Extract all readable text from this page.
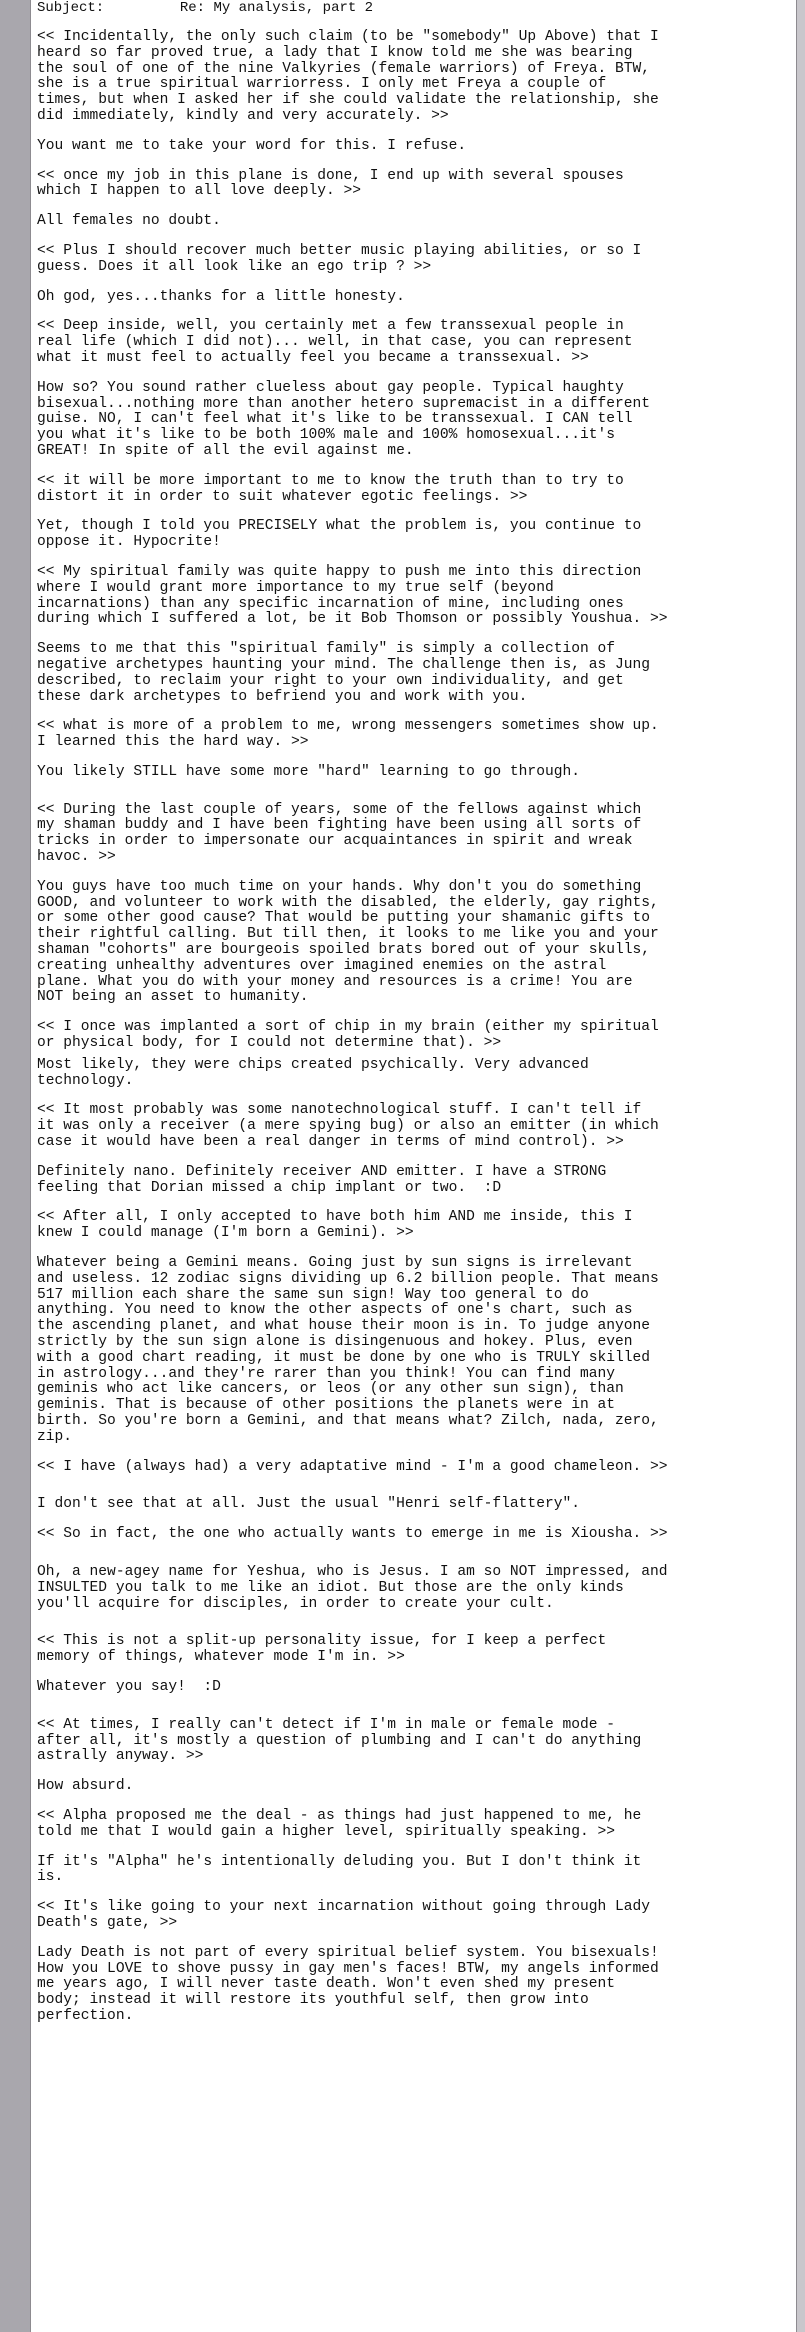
Subject:	Re: My analysis, part 2
<< Incidentally, the only such claim (to be "somebody" Up Above) that I
heard so far proved true, a lady that I know told me she was bearing
the soul of one of the nine Valkyries (female warriors) of Freya. BTW,
she is a true spiritual warriorress. I only met Freya a couple of
times, but when I asked her if she could validate the relationship, she
did immediately, kindly and very accurately. >>
You want me to take your word for this. I refuse.
<< once my job in this plane is done, I end up with several spouses
which I happen to all love deeply. >>
All females no doubt.
<< Plus I should recover much better music playing abilities, or so I
guess. Does it all look like an ego trip ? >>
Oh god, yes...thanks for a little honesty.
<< Deep inside, well, you certainly met a few transsexual people in
real life (which I did not)... well, in that case, you can represent
what it must feel to actually feel you became a transsexual. >>
How so? You sound rather clueless about gay people. Typical haughty
bisexual...nothing more than another hetero supremacist in a different
guise. NO, I can't feel what it's like to be transsexual. I CAN tell
you what it's like to be both 100% male and 100% homosexual...it's
GREAT! In spite of all the evil against me.
<< it will be more important to me to know the truth than to try to
distort it in order to suit whatever egotic feelings. >>
Yet, though I told you PRECISELY what the problem is, you continue to
oppose it. Hypocrite!
<< My spiritual family was quite happy to push me into this direction
where I would grant more importance to my true self (beyond
incarnations) than any specific incarnation of mine, including ones
during which I suffered a lot, be it Bob Thomson or possibly Youshua. >>
Seems to me that this "spiritual family" is simply a collection of
negative archetypes haunting your mind. The challenge then is, as Jung
described, to reclaim your right to your own individuality, and get
these dark archetypes to befriend you and work with you.
<< what is more of a problem to me, wrong messengers sometimes show up.
I learned this the hard way. >>
You likely STILL have some more "hard" learning to go through.
<< During the last couple of years, some of the fellows against which
my shaman buddy and I have been fighting have been using all sorts of
tricks in order to impersonate our acquaintances in spirit and wreak
havoc. >>
You guys have too much time on your hands. Why don't you do something
GOOD, and volunteer to work with the disabled, the elderly, gay rights,
or some other good cause? That would be putting your shamanic gifts to
their rightful calling. But till then, it looks to me like you and your
shaman "cohorts" are bourgeois spoiled brats bored out of your skulls,
creating unhealthy adventures over imagined enemies on the astral
plane. What you do with your money and resources is a crime! You are
NOT being an asset to humanity.
<< I once was implanted a sort of chip in my brain (either my spiritual
or physical body, for I could not determine that). >>
Most likely, they were chips created psychically. Very advanced
technology.
<< It most probably was some nanotechnological stuff. I can't tell if
it was only a receiver (a mere spying bug) or also an emitter (in which
case it would have been a real danger in terms of mind control). >>
Definitely nano. Definitely receiver AND emitter. I have a STRONG
feeling that Dorian missed a chip implant or two.  :D
<< After all, I only accepted to have both him AND me inside, this I
knew I could manage (I'm born a Gemini). >>
Whatever being a Gemini means. Going just by sun signs is irrelevant
and useless. 12 zodiac signs dividing up 6.2 billion people. That means
517 million each share the same sun sign! Way too general to do
anything. You need to know the other aspects of one's chart, such as
the ascending planet, and what house their moon is in. To judge anyone
strictly by the sun sign alone is disingenuous and hokey. Plus, even
with a good chart reading, it must be done by one who is TRULY skilled
in astrology...and they're rarer than you think! You can find many
geminis who act like cancers, or leos (or any other sun sign), than
geminis. That is because of other positions the planets were in at
birth. So you're born a Gemini, and that means what? Zilch, nada, zero,
zip.
<< I have (always had) a very adaptative mind - I'm a good chameleon. >>
I don't see that at all. Just the usual "Henri self-flattery".
<< So in fact, the one who actually wants to emerge in me is Xiousha. >>
Oh, a new-agey name for Yeshua, who is Jesus. I am so NOT impressed, and
INSULTED you talk to me like an idiot. But those are the only kinds
you'll acquire for disciples, in order to create your cult.
<< This is not a split-up personality issue, for I keep a perfect
memory of things, whatever mode I'm in. >>
Whatever you say!  :D
<< At times, I really can't detect if I'm in male or female mode -
after all, it's mostly a question of plumbing and I can't do anything
astrally anyway. >>
How absurd.
<< Alpha proposed me the deal - as things had just happened to me, he
told me that I would gain a higher level, spiritually speaking. >>
If it's "Alpha" he's intentionally deluding you. But I don't think it
is.
<< It's like going to your next incarnation without going through Lady
Death's gate, >>
Lady Death is not part of every spiritual belief system. You bisexuals!
How you LOVE to shove pussy in gay men's faces! BTW, my angels informed
me years ago, I will never taste death. Won't even shed my present
body; instead it will restore its youthful self, then grow into
perfection.
